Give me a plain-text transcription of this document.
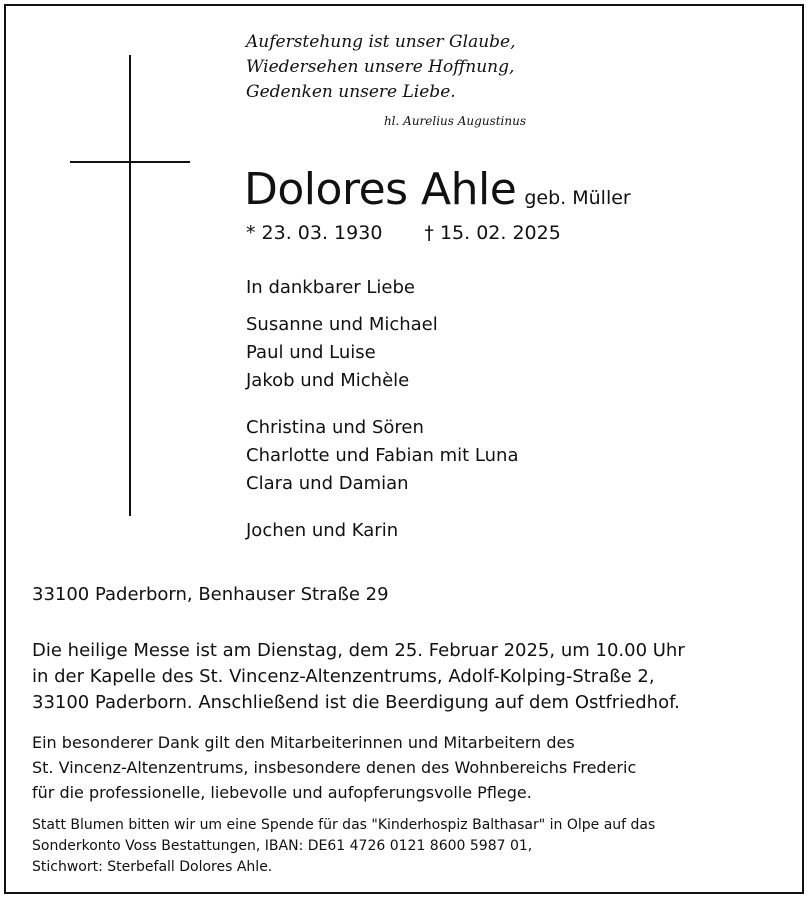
Auferstehung ist unser Glaube,
Wiedersehen unsere Hoffnung,
Gedenken unsere Liebe.
hl. Aurelius Augustinus
Dolores Ahle geb. Müller
* 23. 03. 1930 † 15. 02. 2025
In dankbarer Liebe
Susanne und Michael
Paul und Luise
Jakob und Michèle
Christina und Sören
Charlotte und Fabian mit Luna
Clara und Damian
Jochen und Karin
33100 Paderborn, Benhauser Straße 29
Die heilige Messe ist am Dienstag, dem 25. Februar 2025, um 10.00 Uhr
in der Kapelle des St. Vincenz-Altenzentrums, Adolf-Kolping-Straße 2,
33100 Paderborn. Anschließend ist die Beerdigung auf dem Ostfriedhof.
Ein besonderer Dank gilt den Mitarbeiterinnen und Mitarbeitern des
St. Vincenz-Altenzentrums, insbesondere denen des Wohnbereichs Frederic
für die professionelle, liebevolle und aufopferungsvolle Pflege.
Statt Blumen bitten wir um eine Spende für das "Kinderhospiz Balthasar" in Olpe auf das
Sonderkonto Voss Bestattungen, IBAN: DE61 4726 0121 8600 5987 01,
Stichwort: Sterbefall Dolores Ahle.
